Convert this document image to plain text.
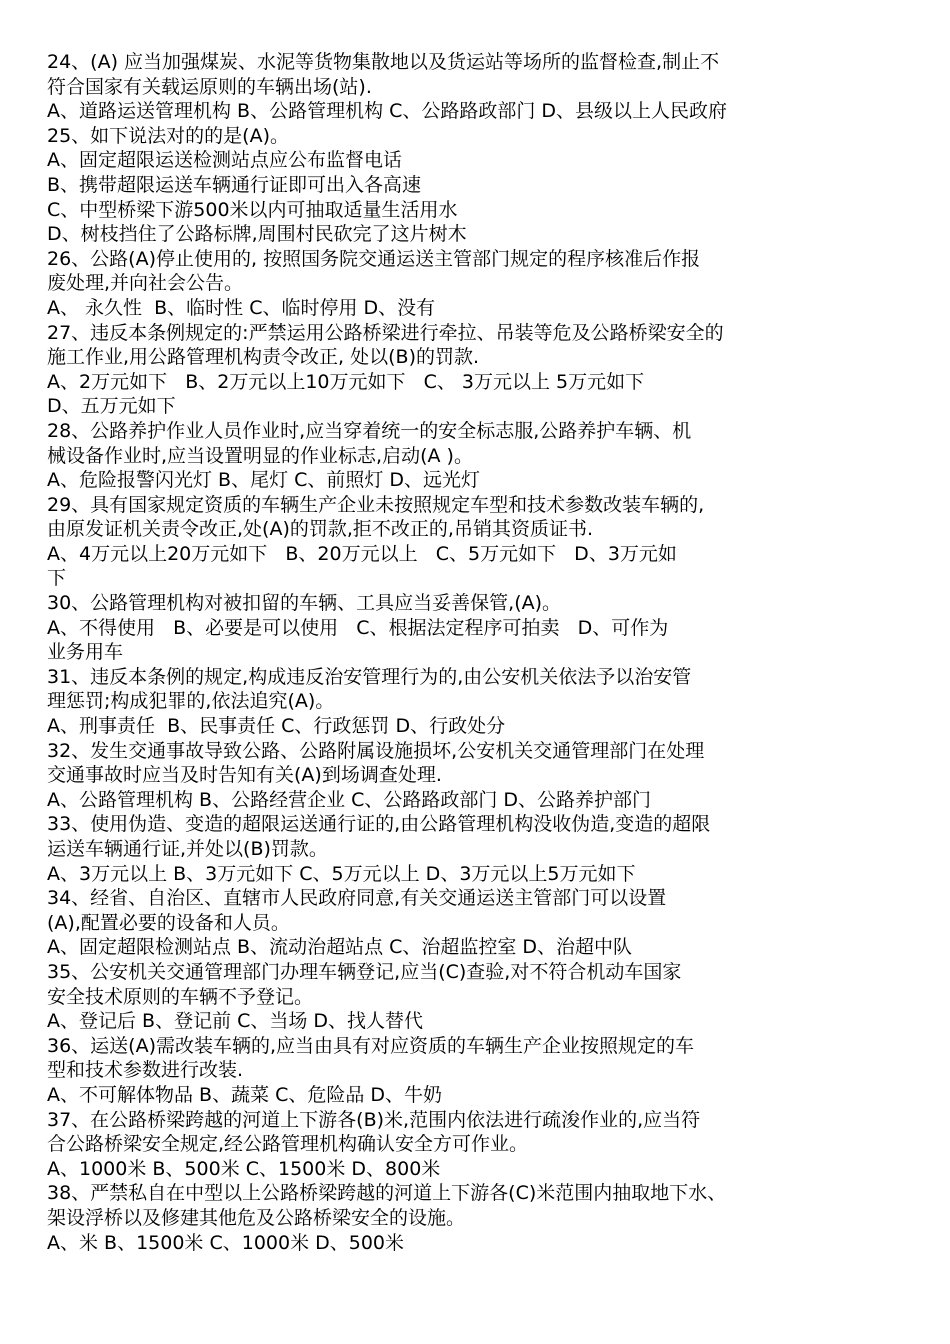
24、(A) 应当加强煤炭、水泥等货物集散地以及货运站等场所的监督检查,制止不

符合国家有关载运原则的车辆出场(站).

A、道路运送管理机构 B、公路管理机构 C、公路路政部门 D、县级以上人民政府

25、如下说法对的的是(A)。

A、固定超限运送检测站点应公布监督电话

B、携带超限运送车辆通行证即可出入各高速

C、中型桥梁下游500米以内可抽取适量生活用水

D、树枝挡住了公路标牌,周围村民砍完了这片树木

26、公路(A)停止使用的, 按照国务院交通运送主管部门规定的程序核准后作报

废处理,并向社会公告。

A、 永久性  B、临时性 C、临时停用 D、没有

27、违反本条例规定的:严禁运用公路桥梁进行牵拉、吊装等危及公路桥梁安全的

施工作业,用公路管理机构责令改正, 处以(B)的罚款.

A、2万元如下   B、2万元以上10万元如下   C、 3万元以上 5万元如下

D、五万元如下

28、公路养护作业人员作业时,应当穿着统一的安全标志服,公路养护车辆、机

械设备作业时,应当设置明显的作业标志,启动(A )。

A、危险报警闪光灯 B、尾灯 C、前照灯 D、远光灯

29、具有国家规定资质的车辆生产企业未按照规定车型和技术参数改装车辆的,

由原发证机关责令改正,处(A)的罚款,拒不改正的,吊销其资质证书.

A、4万元以上20万元如下   B、20万元以上   C、5万元如下   D、3万元如

下

30、公路管理机构对被扣留的车辆、工具应当妥善保管,(A)。

A、不得使用   B、必要是可以使用   C、根据法定程序可拍卖   D、可作为

业务用车

31、违反本条例的规定,构成违反治安管理行为的,由公安机关依法予以治安管

理惩罚;构成犯罪的,依法追究(A)。

A、刑事责任  B、民事责任 C、行政惩罚 D、行政处分

32、发生交通事故导致公路、公路附属设施损坏,公安机关交通管理部门在处理

交通事故时应当及时告知有关(A)到场调查处理.

A、公路管理机构 B、公路经营企业 C、公路路政部门 D、公路养护部门

33、使用伪造、变造的超限运送通行证的,由公路管理机构没收伪造,变造的超限

运送车辆通行证,并处以(B)罚款。

A、3万元以上 B、3万元如下 C、5万元以上 D、3万元以上5万元如下

34、经省、自治区、直辖市人民政府同意,有关交通运送主管部门可以设置

(A),配置必要的设备和人员。

A、固定超限检测站点 B、流动治超站点 C、治超监控室 D、治超中队

35、公安机关交通管理部门办理车辆登记,应当(C)查验,对不符合机动车国家

安全技术原则的车辆不予登记。

A、登记后 B、登记前 C、当场 D、找人替代

36、运送(A)需改装车辆的,应当由具有对应资质的车辆生产企业按照规定的车

型和技术参数进行改装.

A、不可解体物品 B、蔬菜 C、危险品 D、牛奶

37、在公路桥梁跨越的河道上下游各(B)米,范围内依法进行疏浚作业的,应当符

合公路桥梁安全规定,经公路管理机构确认安全方可作业。

A、1000米 B、500米 C、1500米 D、800米

38、严禁私自在中型以上公路桥梁跨越的河道上下游各(C)米范围内抽取地下水、

架设浮桥以及修建其他危及公路桥梁安全的设施。

A、米 B、1500米 C、1000米 D、500米
